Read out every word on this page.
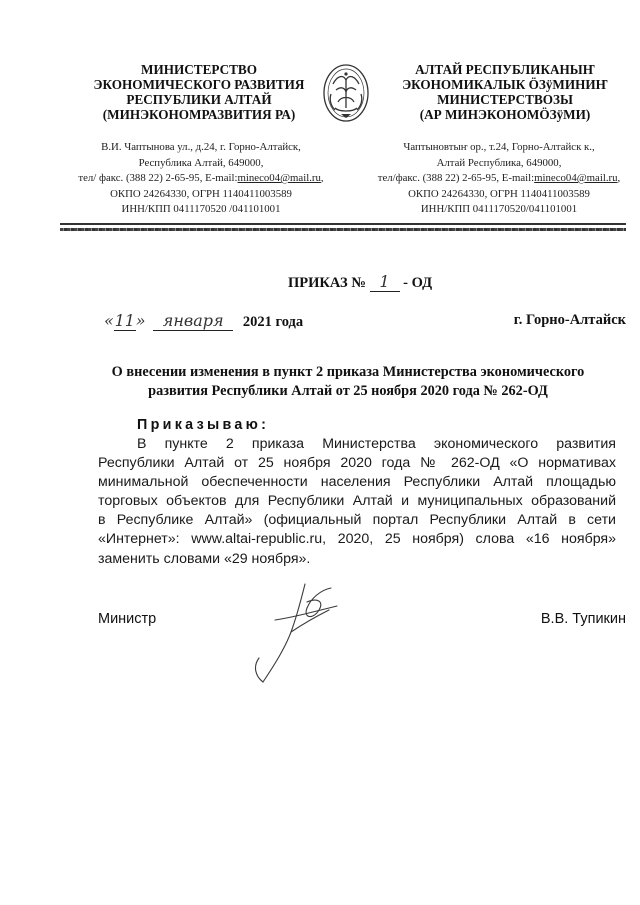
МИНИСТЕРСТВО
ЭКОНОМИЧЕСКОГО РАЗВИТИЯ
РЕСПУБЛИКИ АЛТАЙ
(МИНЭКОНОМРАЗВИТИЯ РА)
В.И. Чаптынова ул., д.24, г. Горно-Алтайск,
Республика Алтай, 649000,
тел/ факс. (388 22) 2-65-95, E-mail:mineco04@mail.ru,
ОКПО 24264330, ОГРН 1140411003589
ИНН/КПП 0411170520 /041101001
АЛТАЙ РЕСПУБЛИКАНЫҤ
ЭКОНОМИКАЛЫК ÖЗÿМИНИҤ
МИНИСТЕРСТВОЗЫ
(АР МИНЭКОНОМÖЗÿМИ)
Чаптыновтыҥ ор., т.24, Горно-Алтайск к.,
Алтай Республика, 649000,
тел/факс. (388 22) 2-65-95, E-mail:mineco04@mail.ru,
ОКПО 24264330, ОГРН 1140411003589
ИНН/КПП 0411170520/041101001
ПРИКАЗ № 1 - ОД
«11» января 2021 года	г. Горно-Алтайск
О внесении изменения в пункт 2 приказа Министерства экономического
развития Республики Алтай от 25 ноября 2020 года № 262-ОД
Приказываю:
В пункте 2 приказа Министерства экономического развития
Республики Алтай от 25 ноября 2020 года № 262-ОД «О нормативах
минимальной обеспеченности населения Республики Алтай площадью
торговых объектов для Республики Алтай и муниципальных образований
в Республике Алтай» (официальный портал Республики Алтай в сети
«Интернет»: www.altai-republic.ru, 2020, 25 ноября) слова «16 ноября»
заменить словами «29 ноября».
Министр	В.В. Тупикин
